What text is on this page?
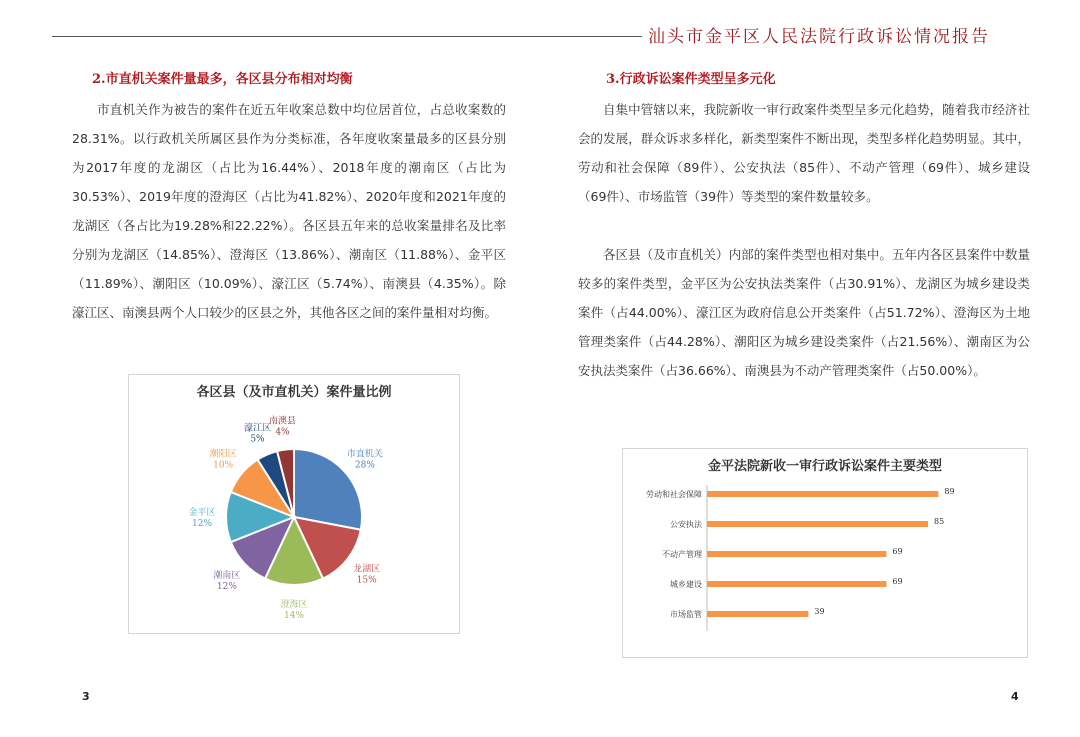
汕头市金平区人民法院行政诉讼情况报告
2.市直机关案件量最多，各区县分布相对均衡

市直机关作为被告的案件在近五年收案总数中均位居首位，占总收案数的28.31%。以行政机关所属区县作为分类标准，各年度收案量最多的区县分别为2017年度的龙湖区（占比为16.44%）、2018年度的潮南区（占比为30.53%）、2019年度的澄海区（占比为41.82%）、2020年度和2021年度的龙湖区（各占比为19.28%和22.22%）。各区县五年来的总收案量排名及比率分别为龙湖区（14.85%）、澄海区（13.86%）、潮南区（11.88%）、金平区（11.89%）、潮阳区（10.09%）、濠江区（5.74%）、南澳县（4.35%）。除濠江区、南澳县两个人口较少的区县之外，其他各区之间的案件量相对均衡。

各区县（及市直机关）案件量比例
市直机关
28%
龙湖区
15%
澄海区
14%
潮南区
12%
金平区
12%
潮阳区
10%
濠江区
5%
南澳县
4%
3
3.行政诉讼案件类型呈多元化

自集中管辖以来，我院新收一审行政案件类型呈多元化趋势，随着我市经济社会的发展，群众诉求多样化，新类型案件不断出现，类型多样化趋势明显。其中，劳动和社会保障（89件）、公安执法（85件）、不动产管理（69件）、城乡建设（69件）、市场监管（39件）等类型的案件数量较多。

各区县（及市直机关）内部的案件类型也相对集中。五年内各区县案件中数量较多的案件类型，金平区为公安执法类案件（占30.91%）、龙湖区为城乡建设类案件（占44.00%）、濠江区为政府信息公开类案件（占51.72%）、澄海区为土地管理类案件（占44.28%）、潮阳区为城乡建设类案件（占21.56%）、潮南区为公安执法类案件（占36.66%）、南澳县为不动产管理类案件（占50.00%）。

金平法院新收一审行政诉讼案件主要类型
劳动和社会保障	89
公安执法	85
不动产管理	69
城乡建设	69
市场监管	39
4
